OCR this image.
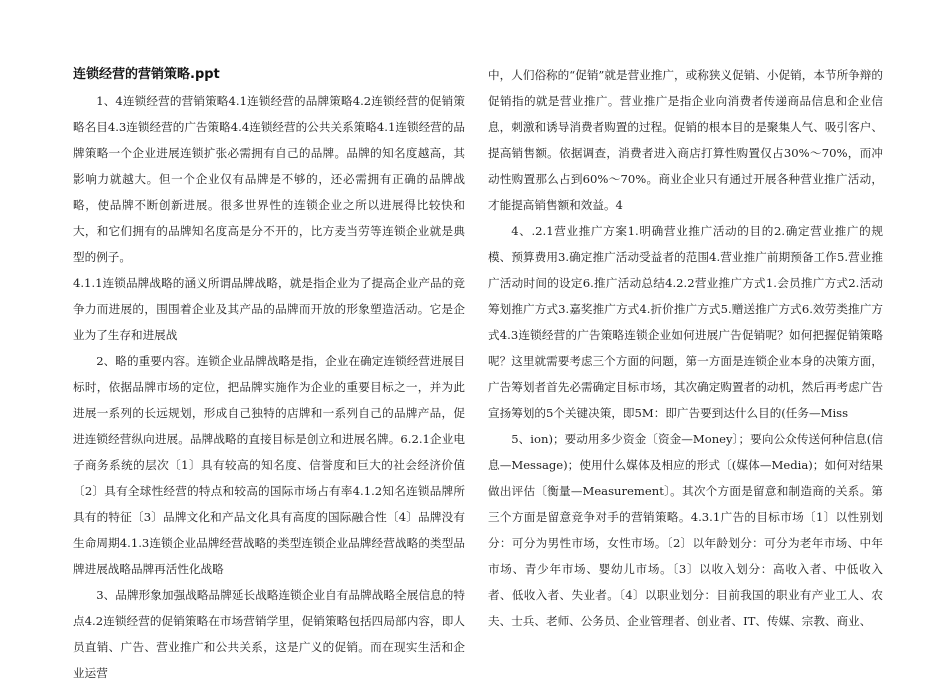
连锁经营的营销策略.ppt

1、4连锁经营的营销策略4.1连锁经营的品牌策略4.2连锁经营的促销策略名目4.3连锁经营的广告策略4.4连锁经营的公共关系策略4.1连锁经营的品牌策略一个企业进展连锁扩张必需拥有自己的品牌。品牌的知名度越高，其影响力就越大。但一个企业仅有品牌是不够的，还必需拥有正确的品牌战略，使品牌不断创新进展。很多世界性的连锁企业之所以进展得比较快和大，和它们拥有的品牌知名度高是分不开的，比方麦当劳等连锁企业就是典型的例子。

4.1.1连锁品牌战略的涵义所谓品牌战略，就是指企业为了提高企业产品的竞争力而进展的，围围着企业及其产品的品牌而开放的形象塑造活动。它是企业为了生存和进展战

2、略的重要内容。连锁企业品牌战略是指，企业在确定连锁经营进展目标时，依据品牌市场的定位，把品牌实施作为企业的重要目标之一，并为此进展一系列的长远规划，形成自己独特的店牌和一系列自己的品牌产品，促进连锁经营纵向进展。品牌战略的直接目标是创立和进展名牌。6.2.1企业电子商务系统的层次〔1〕具有较高的知名度、信誉度和巨大的社会经济价值〔2〕具有全球性经营的特点和较高的国际市场占有率4.1.2知名连锁品牌所具有的特征〔3〕品牌文化和产品文化具有高度的国际融合性〔4〕品牌没有生命周期4.1.3连锁企业品牌经营战略的类型连锁企业品牌经营战略的类型品牌进展战略品牌再活性化战略

3、品牌形象加强战略品牌延长战略连锁企业自有品牌战略全展信息的特点4.2连锁经营的促销策略在市场营销学里，促销策略包括四局部内容，即人员直销、广告、营业推广和公共关系，这是广义的促销。而在现实生活和企业运营

中，人们俗称的“促销”就是营业推广，或称狭义促销、小促销，本节所争辩的促销指的就是营业推广。营业推广是指企业向消费者传递商品信息和企业信息，刺激和诱导消费者购置的过程。促销的根本目的是聚集人气、吸引客户、提高销售额。依据调查，消费者进入商店打算性购置仅占30%～70%，而冲动性购置那么占到60%～70%。商业企业只有通过开展各种营业推广活动，才能提高销售额和效益。4

4、.2.1营业推广方案1.明确营业推广活动的目的2.确定营业推广的规模、预算费用3.确定推广活动受益者的范围4.营业推广前期预备工作5.营业推广活动时间的设定6.推广活动总结4.2.2营业推广方式1.会员推广方式2.活动筹划推广方式3.嘉奖推广方式4.折价推广方式5.赠送推广方式6.效劳类推广方式4.3连锁经营的广告策略连锁企业如何进展广告促销呢？如何把握促销策略呢？这里就需要考虑三个方面的问题，第一方面是连锁企业本身的决策方面，广告筹划者首先必需确定目标市场，其次确定购置者的动机，然后再考虑广告宣扬筹划的5个关键决策，即5M：即广告要到达什么目的(任务—Miss

5、ion)；要动用多少资金〔资金—Money〕；要向公众传送何种信息(信息—Message)；使用什么媒体及相应的形式〔(媒体—Media)；如何对结果做出评估〔衡量—Measurement〕。其次个方面是留意和制造商的关系。第三个方面是留意竞争对手的营销策略。4.3.1广告的目标市场〔1〕以性别划分：可分为男性市场，女性市场。〔2〕以年龄划分：可分为老年市场、中年市场、青少年市场、婴幼儿市场。〔3〕以收入划分：高收入者、中低收入者、低收入者、失业者。〔4〕以职业划分：目前我国的职业有产业工人、农夫、士兵、老师、公务员、企业管理者、创业者、IT、传媒、宗教、商业、
